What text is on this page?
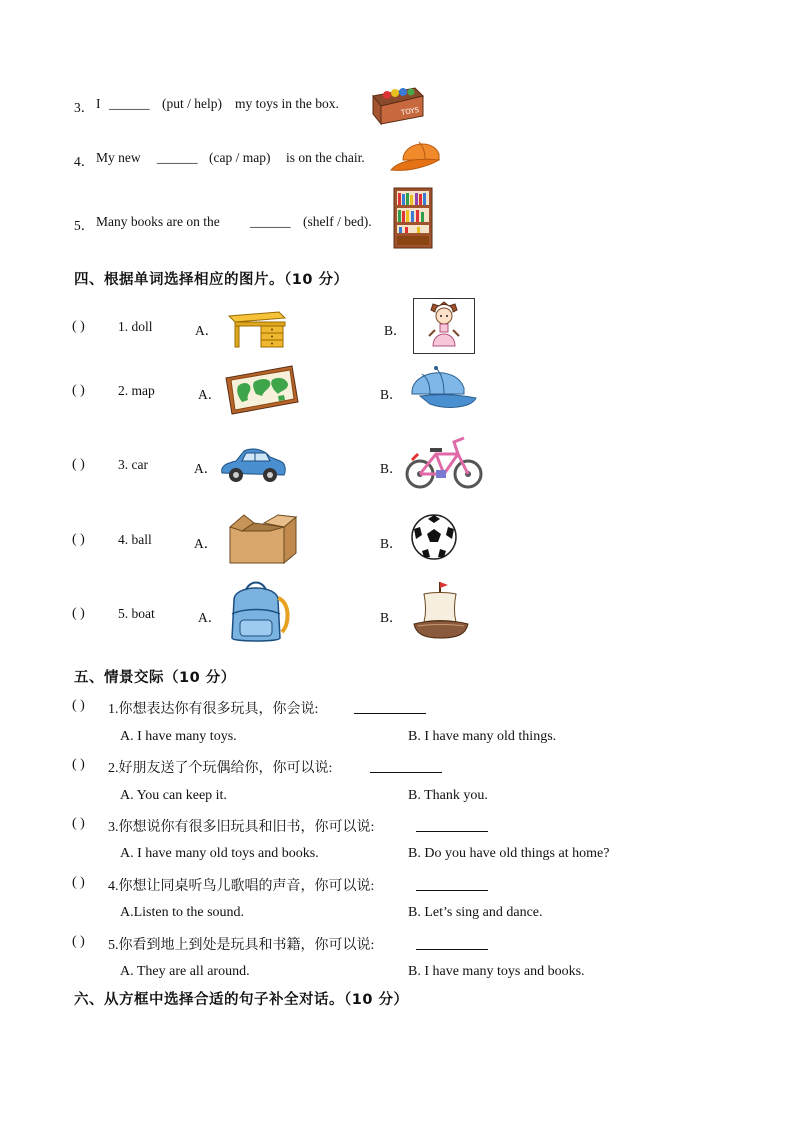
3． I ______ (put / help) my toys in the box.
TOYS
4． My new ______ (cap / map) is on the chair.
5． Many books are on the ______ (shelf / bed).
四、根据单词选择相应的图片。（10 分）
( ) 1. doll	A．	B．
( ) 2. map	A．	B．
( ) 3. car	A．	B．
( ) 4. ball	A．	B．
( ) 5. boat	A．	B．
五、情景交际（10 分）
( ) 1.你想表达你有很多玩具，你会说:
A. I have many toys.	B. I have many old things.
( ) 2.好朋友送了个玩偶给你，你可以说:
A. You can keep it.	B. Thank you.
( ) 3.你想说你有很多旧玩具和旧书，你可以说:
A. I have many old toys and books.	B. Do you have old things at home?
( ) 4.你想让同桌听鸟儿歌唱的声音，你可以说:
A.Listen to the sound.	B. Let’s sing and dance.
( ) 5.你看到地上到处是玩具和书籍，你可以说:
A. They are all around.	B. I have many toys and books.
六、从方框中选择合适的句子补全对话。（10 分）
